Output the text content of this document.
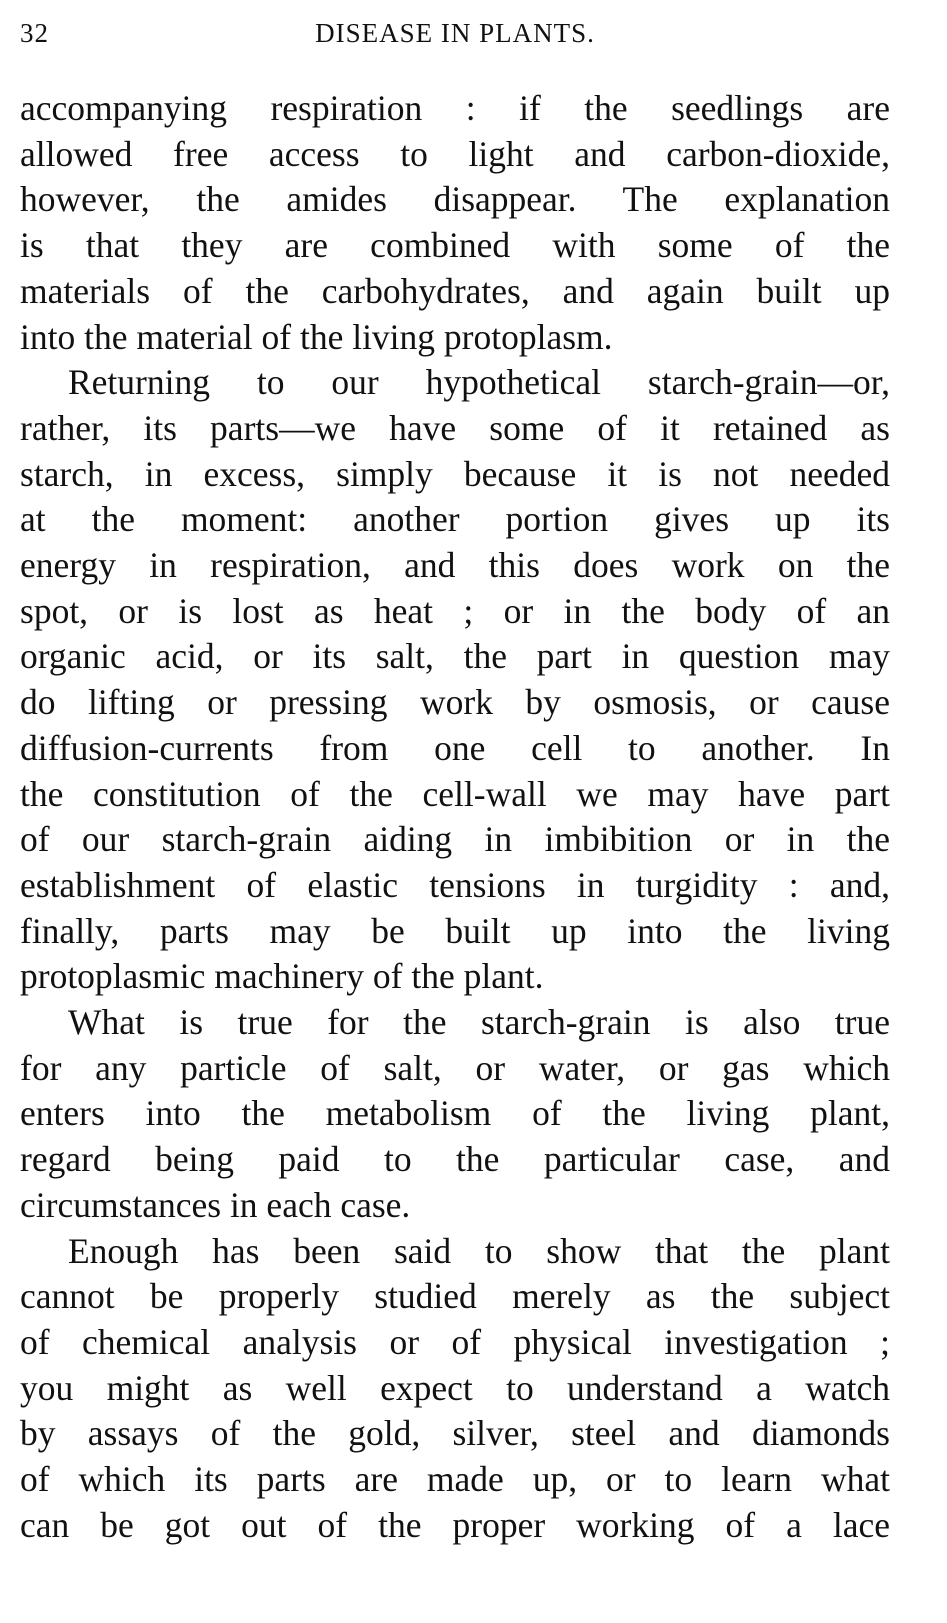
32	DISEASE IN PLANTS.
accompanying respiration : if the seedlings are
allowed free access to light and carbon-dioxide,
however, the amides disappear. The explanation
is that they are combined with some of the
materials of the carbohydrates, and again built up
into the material of the living protoplasm.
Returning to our hypothetical starch-grain—or,
rather, its parts—we have some of it retained as
starch, in excess, simply because it is not needed
at the moment: another portion gives up its
energy in respiration, and this does work on the
spot, or is lost as heat ; or in the body of an
organic acid, or its salt, the part in question may
do lifting or pressing work by osmosis, or cause
diffusion-currents from one cell to another. In
the constitution of the cell-wall we may have part
of our starch-grain aiding in imbibition or in the
establishment of elastic tensions in turgidity : and,
finally, parts may be built up into the living
protoplasmic machinery of the plant.
What is true for the starch-grain is also true
for any particle of salt, or water, or gas which
enters into the metabolism of the living plant,
regard being paid to the particular case, and
circumstances in each case.
Enough has been said to show that the plant
cannot be properly studied merely as the subject
of chemical analysis or of physical investigation ;
you might as well expect to understand a watch
by assays of the gold, silver, steel and diamonds
of which its parts are made up, or to learn what
can be got out of the proper working of a lace
